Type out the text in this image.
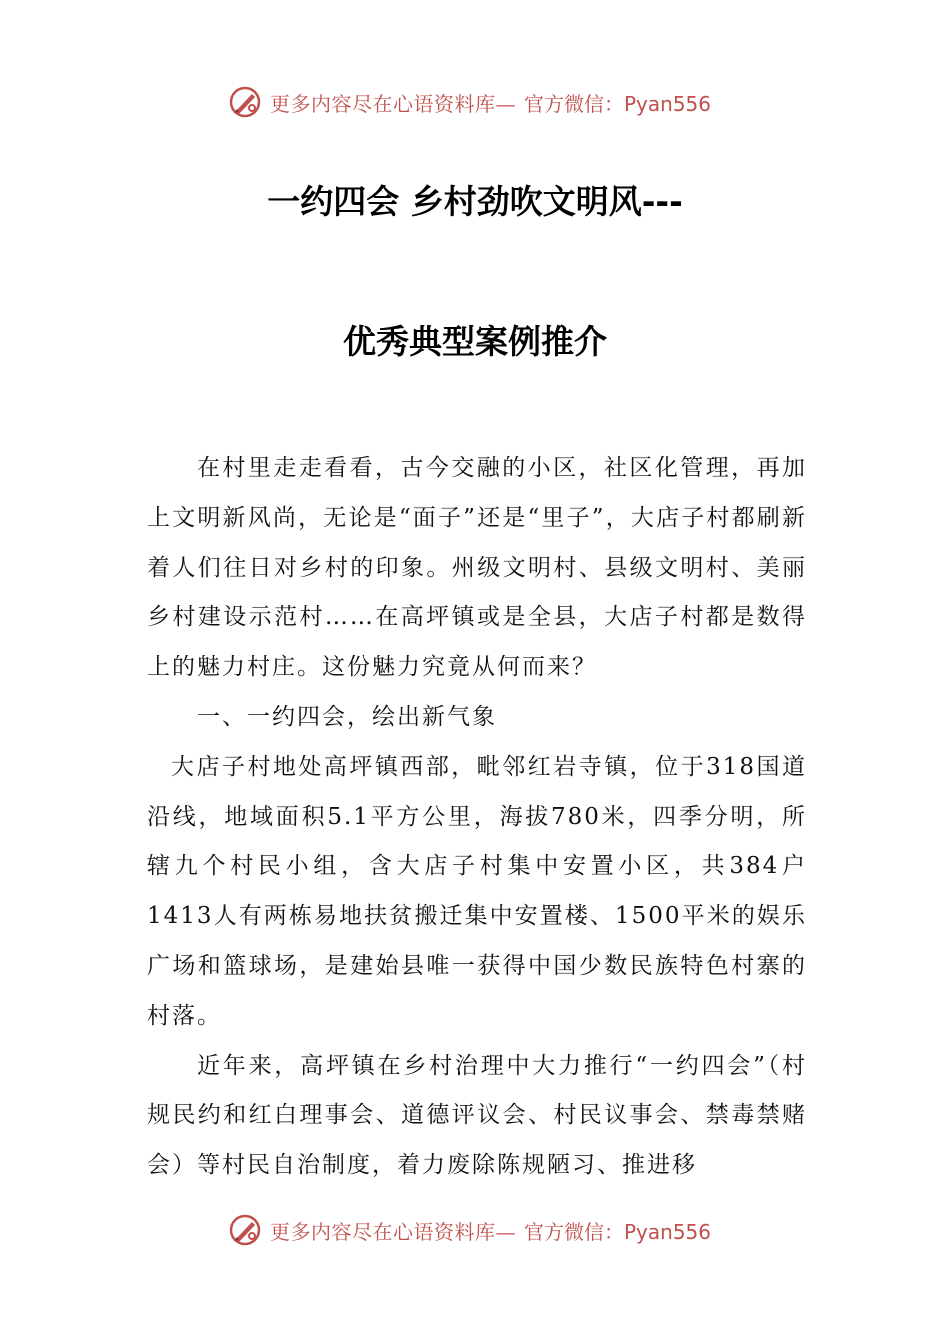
更多内容尽在心语资料库— 官方微信：Pyan556
一约四会 乡村劲吹文明风---
优秀典型案例推介

在村里走走看看，古今交融的小区，社区化管理，再加上文明新风尚，无论是“面子”还是“里子”，大店子村都刷新着人们往日对乡村的印象。州级文明村、县级文明村、美丽乡村建设示范村……在高坪镇或是全县，大店子村都是数得上的魅力村庄。这份魅力究竟从何而来？

一、一约四会，绘出新气象

大店子村地处高坪镇西部，毗邻红岩寺镇，位于318国道沿线，地域面积5.1平方公里，海拔780米，四季分明，所辖九个村民小组，含大店子村集中安置小区，共384户1413人有两栋易地扶贫搬迁集中安置楼、1500平米的娱乐广场和篮球场，是建始县唯一获得中国少数民族特色村寨的村落。

近年来，高坪镇在乡村治理中大力推行“一约四会”（村规民约和红白理事会、道德评议会、村民议事会、禁毒禁赌会）等村民自治制度，着力废除陈规陋习、推进移

更多内容尽在心语资料库— 官方微信：Pyan556
